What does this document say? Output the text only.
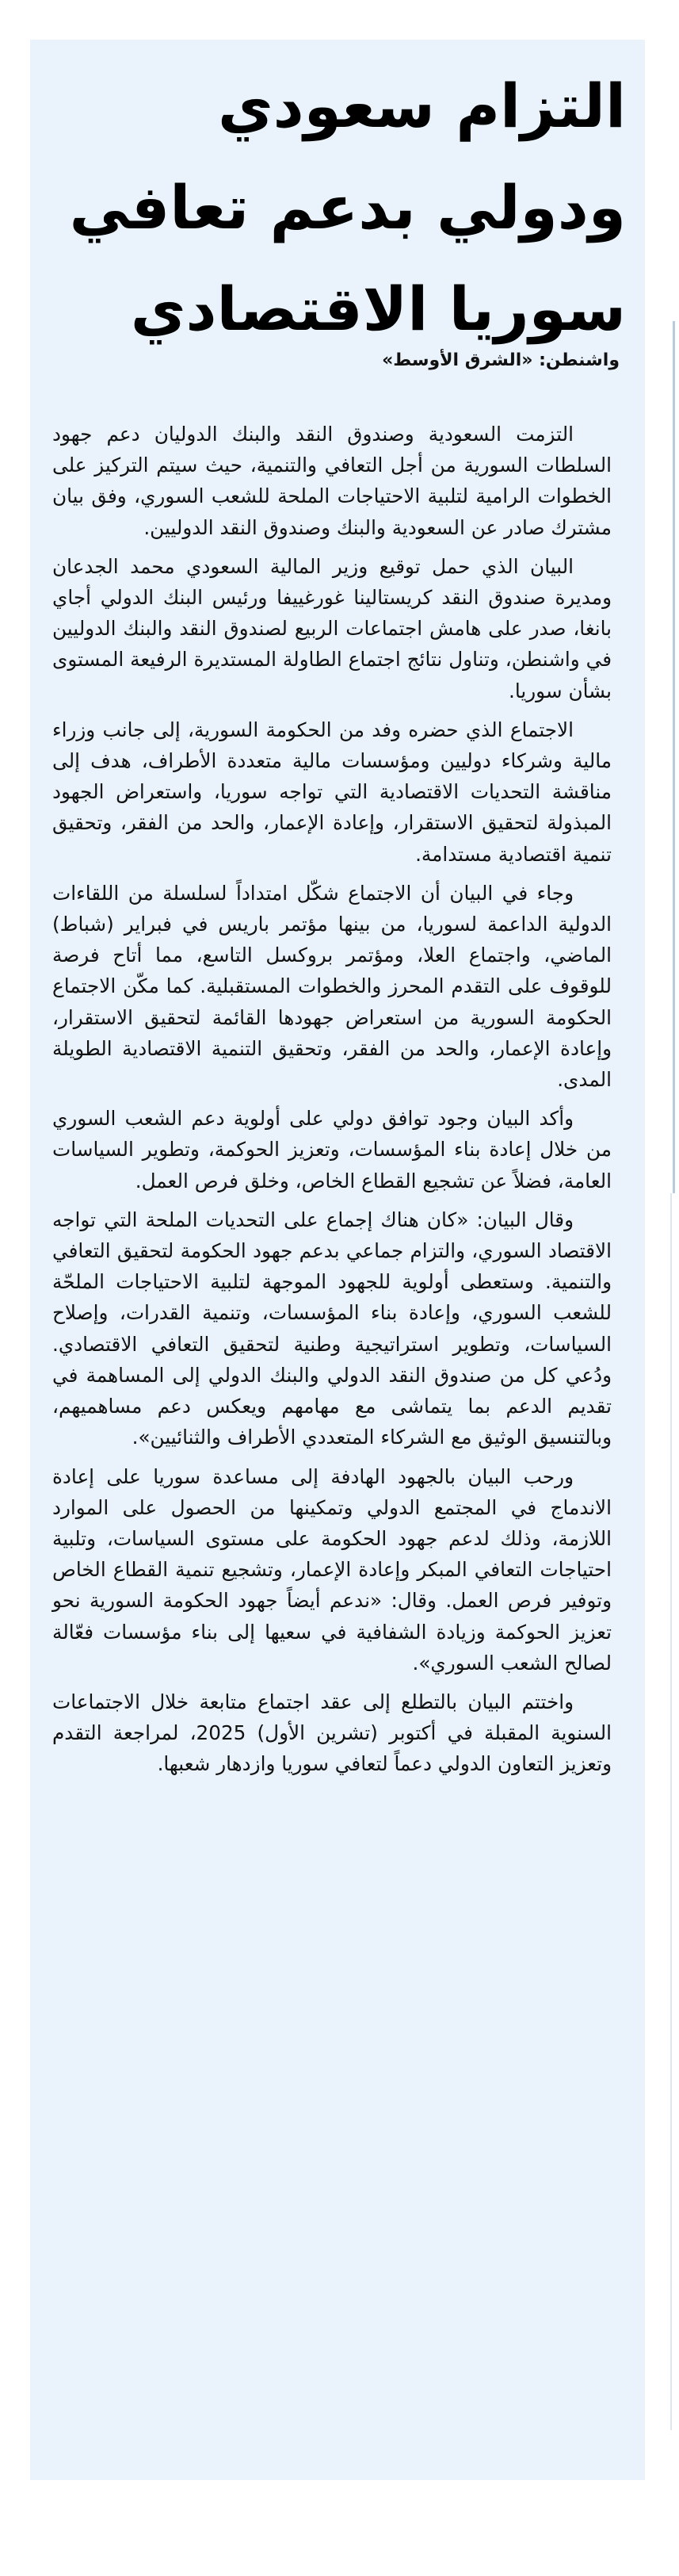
التزام سعودي ودولي بدعم تعافي سوريا الاقتصادي
واشنطن: «الشرق الأوسط»

التزمت السعودية وصندوق النقد والبنك الدوليان دعم جهود السلطات السورية من أجل التعافي والتنمية، حيث سيتم التركيز على الخطوات الرامية لتلبية الاحتياجات الملحة للشعب السوري، وفق بيان مشترك صادر عن السعودية والبنك وصندوق النقد الدوليين.

البيان الذي حمل توقيع وزير المالية السعودي محمد الجدعان ومديرة صندوق النقد كريستالينا غورغييفا ورئيس البنك الدولي أجاي بانغا، صدر على هامش اجتماعات الربيع لصندوق النقد والبنك الدوليين في واشنطن، وتناول نتائج اجتماع الطاولة المستديرة الرفيعة المستوى بشأن سوريا.

الاجتماع الذي حضره وفد من الحكومة السورية، إلى جانب وزراء مالية وشركاء دوليين ومؤسسات مالية متعددة الأطراف، هدف إلى مناقشة التحديات الاقتصادية التي تواجه سوريا، واستعراض الجهود المبذولة لتحقيق الاستقرار، وإعادة الإعمار، والحد من الفقر، وتحقيق تنمية اقتصادية مستدامة.

وجاء في البيان أن الاجتماع شكّل امتداداً لسلسلة من اللقاءات الدولية الداعمة لسوريا، من بينها مؤتمر باريس في فبراير (شباط) الماضي، واجتماع العلا، ومؤتمر بروكسل التاسع، مما أتاح فرصة للوقوف على التقدم المحرز والخطوات المستقبلية. كما مكّن الاجتماع الحكومة السورية من استعراض جهودها القائمة لتحقيق الاستقرار، وإعادة الإعمار، والحد من الفقر، وتحقيق التنمية الاقتصادية الطويلة المدى.

وأكد البيان وجود توافق دولي على أولوية دعم الشعب السوري من خلال إعادة بناء المؤسسات، وتعزيز الحوكمة، وتطوير السياسات العامة، فضلاً عن تشجيع القطاع الخاص، وخلق فرص العمل.

وقال البيان: «كان هناك إجماع على التحديات الملحة التي تواجه الاقتصاد السوري، والتزام جماعي بدعم جهود الحكومة لتحقيق التعافي والتنمية. وستعطى أولوية للجهود الموجهة لتلبية الاحتياجات الملحّة للشعب السوري، وإعادة بناء المؤسسات، وتنمية القدرات، وإصلاح السياسات، وتطوير استراتيجية وطنية لتحقيق التعافي الاقتصادي. ودُعي كل من صندوق النقد الدولي والبنك الدولي إلى المساهمة في تقديم الدعم بما يتماشى مع مهامهم ويعكس دعم مساهميهم، وبالتنسيق الوثيق مع الشركاء المتعددي الأطراف والثنائيين».

ورحب البيان بالجهود الهادفة إلى مساعدة سوريا على إعادة الاندماج في المجتمع الدولي وتمكينها من الحصول على الموارد اللازمة، وذلك لدعم جهود الحكومة على مستوى السياسات، وتلبية احتياجات التعافي المبكر وإعادة الإعمار، وتشجيع تنمية القطاع الخاص وتوفير فرص العمل. وقال: «ندعم أيضاً جهود الحكومة السورية نحو تعزيز الحوكمة وزيادة الشفافية في سعيها إلى بناء مؤسسات فعّالة لصالح الشعب السوري».

واختتم البيان بالتطلع إلى عقد اجتماع متابعة خلال الاجتماعات السنوية المقبلة في أكتوبر (تشرين الأول) 2025، لمراجعة التقدم وتعزيز التعاون الدولي دعماً لتعافي سوريا وازدهار شعبها.
